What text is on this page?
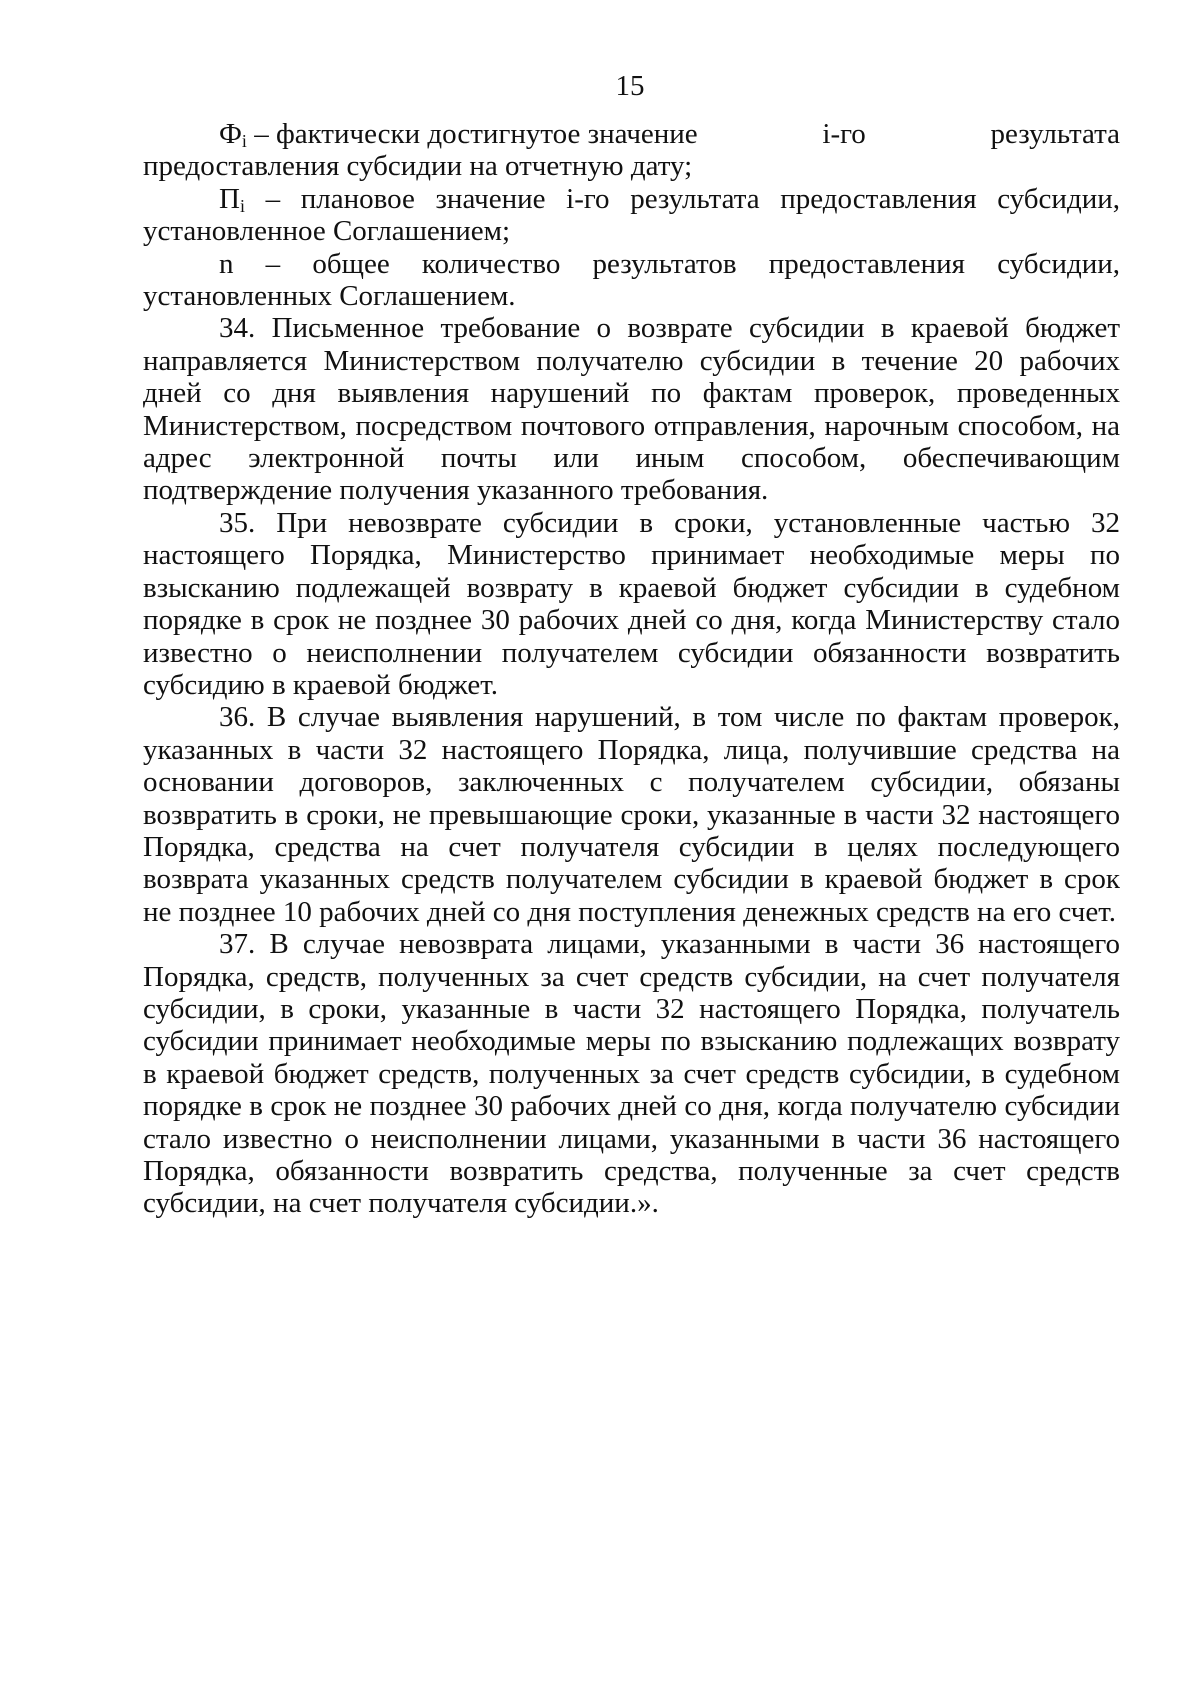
15
$Ф_i$ – фактически достигнутое значение	i-го	результата
предоставления субсидии на отчетную дату;
$П_i$ – плановое значение i-го результата предоставления субсидии,
установленное Соглашением;
n – общее количество результатов предоставления субсидии,
установленных Соглашением.

34. Письменное требование о возврате субсидии в краевой бюджет направляется Министерством получателю субсидии в течение 20 рабочих дней со дня выявления нарушений по фактам проверок, проведенных Министерством, посредством почтового отправления, нарочным способом, на адрес электронной почты или иным способом, обеспечивающим подтверждение получения указанного требования.

35. При невозврате субсидии в сроки, установленные частью 32 настоящего Порядка, Министерство принимает необходимые меры по взысканию подлежащей возврату в краевой бюджет субсидии в судебном порядке в срок не позднее 30 рабочих дней со дня, когда Министерству стало известно о неисполнении получателем субсидии обязанности возвратить субсидию в краевой бюджет.

36. В случае выявления нарушений, в том числе по фактам проверок, указанных в части 32 настоящего Порядка, лица, получившие средства на основании договоров, заключенных с получателем субсидии, обязаны возвратить в сроки, не превышающие сроки, указанные в части 32 настоящего Порядка, средства на счет получателя субсидии в целях последующего возврата указанных средств получателем субсидии в краевой бюджет в срок не позднее 10 рабочих дней со дня поступления денежных средств на его счет.

37. В случае невозврата лицами, указанными в части 36 настоящего Порядка, средств, полученных за счет средств субсидии, на счет получателя субсидии, в сроки, указанные в части 32 настоящего Порядка, получатель субсидии принимает необходимые меры по взысканию подлежащих возврату в краевой бюджет средств, полученных за счет средств субсидии, в судебном порядке в срок не позднее 30 рабочих дней со дня, когда получателю субсидии стало известно о неисполнении лицами, указанными в части 36 настоящего Порядка, обязанности возвратить средства, полученные за счет средств субсидии, на счет получателя субсидии.».
